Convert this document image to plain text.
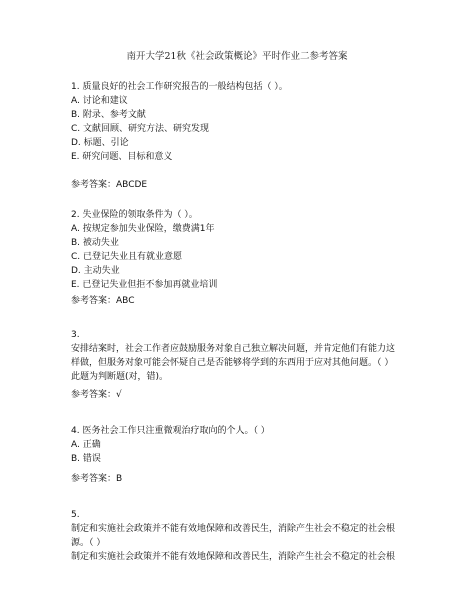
南开大学21秋《社会政策概论》平时作业二参考答案
1. 质量良好的社会工作研究报告的一般结构包括（ ）。
A. 讨论和建议
B. 附录、参考文献
C. 文献回顾、研究方法、研究发现
D. 标题、引论
E. 研究问题、目标和意义
参考答案：ABCDE
2. 失业保险的领取条件为（ ）。
A. 按规定参加失业保险，缴费满1年
B. 被动失业
C. 已登记失业且有就业意愿
D. 主动失业
E. 已登记失业但拒不参加再就业培训
参考答案：ABC
3.
安排结案时，社会工作者应鼓励服务对象自己独立解决问题，并肯定他们有能力这
样做，但服务对象可能会怀疑自己是否能够将学到的东西用于应对其他问题。（ ）
此题为判断题(对，错)。
参考答案：√
4. 医务社会工作只注重微观治疗取向的个人。（ ）
A. 正确
B. 错误
参考答案：B
5.
制定和实施社会政策并不能有效地保障和改善民生，消除产生社会不稳定的社会根
源。（ ）
制定和实施社会政策并不能有效地保障和改善民生，消除产生社会不稳定的社会根
